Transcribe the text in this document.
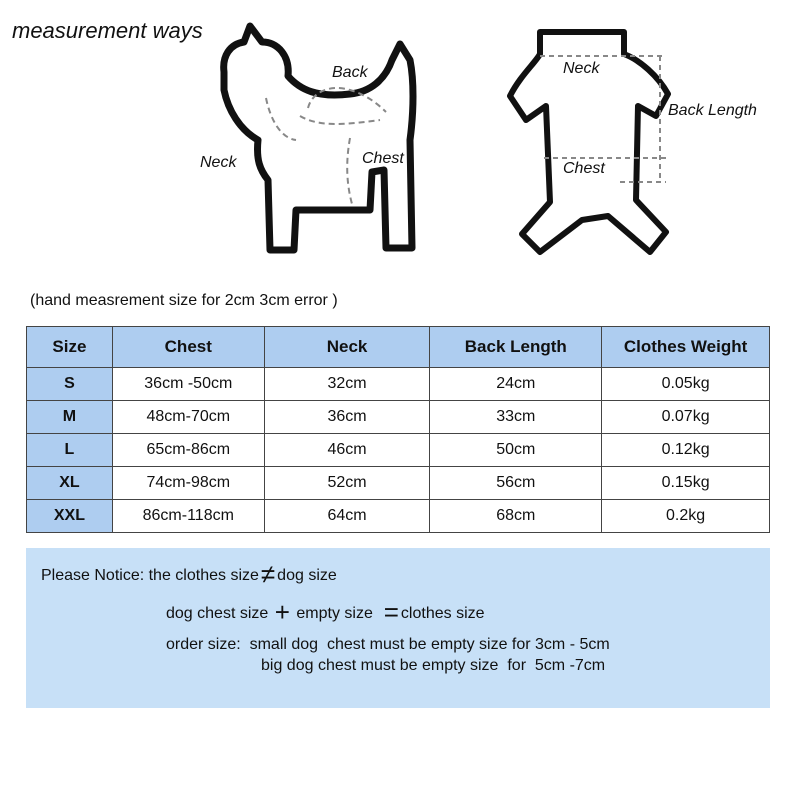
measurement ways
Back
Neck	Chest
Neck
Back Length
Chest
(hand measrement size for 2cm 3cm error )
Size	Chest	Neck	Back Length	Clothes Weight
S	36cm -50cm	32cm	24cm	0.05kg
M	48cm-70cm	36cm	33cm	0.07kg
L	65cm-86cm	46cm	50cm	0.12kg
XL	74cm-98cm	52cm	56cm	0.15kg
XXL	86cm-118cm	64cm	68cm	0.2kg
Please Notice: the clothes size≠ dog size
dog chest size + empty size = clothes size
order size:  small dog  chest must be empty size for 3cm - 5cm
big dog chest must be empty size  for  5cm -7cm
